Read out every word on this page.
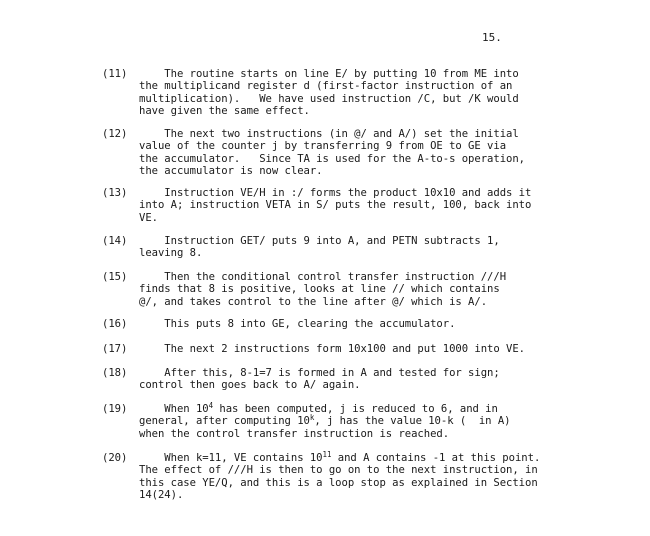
15.
(11)	The routine starts on line E/ by putting 10 from ME into
the multiplicand register d (first-factor instruction of an
multiplication).   We have used instruction /C, but /K would
have given the same effect.
(12)	The next two instructions (in @/ and A/) set the initial
value of the counter j by transferring 9 from OE to GE via
the accumulator.   Since TA is used for the A-to-s operation,
the accumulator is now clear.
(13)	Instruction VE/H in :/ forms the product 10x10 and adds it
into A; instruction VETA in S/ puts the result, 100, back into
VE.
(14)	Instruction GET/ puts 9 into A, and PETN subtracts 1,
leaving 8.
(15)	Then the conditional control transfer instruction ///H
finds that 8 is positive, looks at line // which contains
@/, and takes control to the line after @/ which is A/.
(16)	This puts 8 into GE, clearing the accumulator.
(17)	The next 2 instructions form 10x100 and put 1000 into VE.
(18)	After this, 8-1=7 is formed in A and tested for sign;
control then goes back to A/ again.
(19)	When $10^4$ has been computed, j is reduced to 6, and in
general, after computing 10$^k$, j has the value 10-k (  in A)
when the control transfer instruction is reached.
(20)	When k=11, VE contains $10^{11}$ and A contains -1 at this point.
The effect of ///H is then to go on to the next instruction, in
this case YE/Q, and this is a loop stop as explained in Section
14(24).
